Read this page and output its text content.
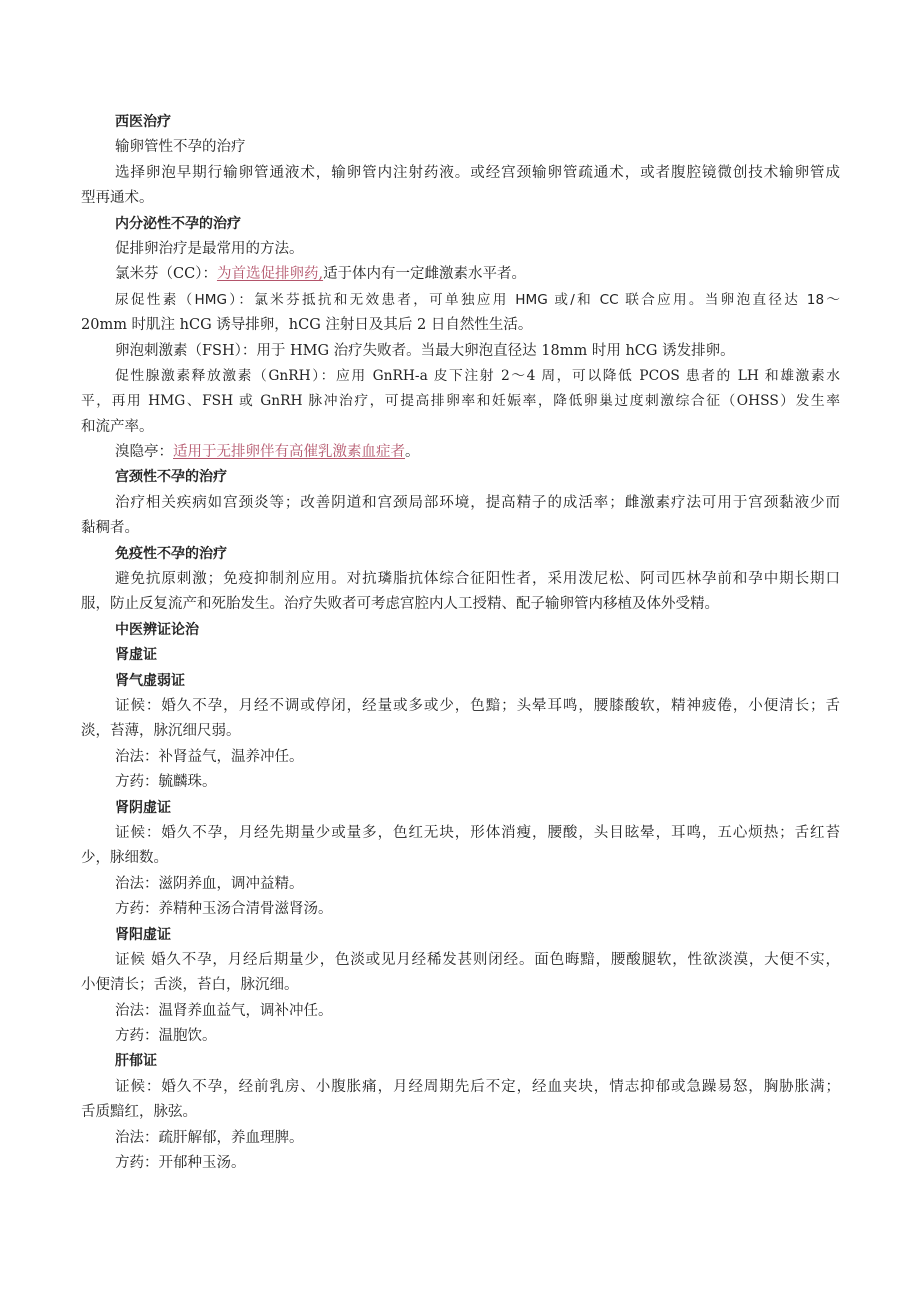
西医治疗
输卵管性不孕的治疗
选择卵泡早期行输卵管通液术，输卵管内注射药液。或经宫颈输卵管疏通术，或者腹腔镜微创技术输卵管成
型再通术。
内分泌性不孕的治疗
促排卵治疗是最常用的方法。
氯米芬（CC）：为首选促排卵药,适于体内有一定雌激素水平者。
尿促性素（HMG）：氯米芬抵抗和无效患者，可单独应用 HMG 或/和 CC 联合应用。当卵泡直径达 18～
20mm 时肌注 hCG 诱导排卵，hCG 注射日及其后 2 日自然性生活。
卵泡刺激素（FSH）：用于 HMG 治疗失败者。当最大卵泡直径达 18mm 时用 hCG 诱发排卵。
促性腺激素释放激素（GnRH）：应用 GnRH-a 皮下注射 2～4 周，可以降低 PCOS 患者的 LH 和雄激素水
平，再用 HMG、FSH 或 GnRH 脉冲治疗，可提高排卵率和妊娠率，降低卵巢过度刺激综合征（OHSS）发生率
和流产率。
溴隐亭：适用于无排卵伴有高催乳激素血症者。
宫颈性不孕的治疗
治疗相关疾病如宫颈炎等；改善阴道和宫颈局部环境，提高精子的成活率；雌激素疗法可用于宫颈黏液少而
黏稠者。
免疫性不孕的治疗
避免抗原刺激；免疫抑制剂应用。对抗璘脂抗体综合征阳性者，采用泼尼松、阿司匹林孕前和孕中期长期口
服，防止反复流产和死胎发生。治疗失败者可考虑宫腔内人工授精、配子输卵管内移植及体外受精。
中医辨证论治
肾虚证
肾气虚弱证
证候：婚久不孕，月经不调或停闭，经量或多或少，色黯；头晕耳鸣，腰膝酸软，精神疲倦，小便清长；舌
淡，苔薄，脉沉细尺弱。
治法：补肾益气，温养冲任。
方药：毓麟珠。
肾阴虚证
证候：婚久不孕，月经先期量少或量多，色红无块，形体消瘦，腰酸，头目眩晕，耳鸣，五心烦热；舌红苔
少，脉细数。
治法：滋阴养血，调冲益精。
方药：养精种玉汤合清骨滋肾汤。
肾阳虚证
证候 婚久不孕，月经后期量少，色淡或见月经稀发甚则闭经。面色晦黯，腰酸腿软，性欲淡漠，大便不实，
小便清长；舌淡，苔白，脉沉细。
治法：温肾养血益气，调补冲任。
方药：温胞饮。
肝郁证
证候：婚久不孕，经前乳房、小腹胀痛，月经周期先后不定，经血夹块，情志抑郁或急躁易怒，胸胁胀满；
舌质黯红，脉弦。
治法：疏肝解郁，养血理脾。
方药：开郁种玉汤。
